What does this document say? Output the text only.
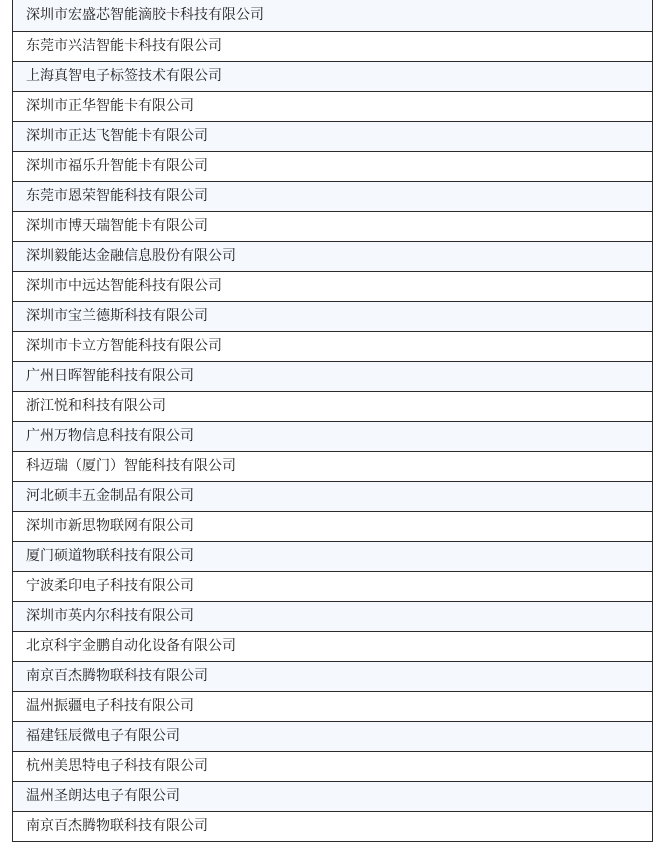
深圳市宏盛芯智能滴胶卡科技有限公司
东莞市兴洁智能卡科技有限公司
上海真智电子标签技术有限公司
深圳市正华智能卡有限公司
深圳市正达飞智能卡有限公司
深圳市福乐升智能卡有限公司
东莞市恩荣智能科技有限公司
深圳市博天瑞智能卡有限公司
深圳毅能达金融信息股份有限公司
深圳市中远达智能科技有限公司
深圳市宝兰德斯科技有限公司
深圳市卡立方智能科技有限公司
广州日晖智能科技有限公司
浙江悦和科技有限公司
广州万物信息科技有限公司
科迈瑞（厦门）智能科技有限公司
河北硕丰五金制品有限公司
深圳市新思物联网有限公司
厦门硕道物联科技有限公司
宁波柔印电子科技有限公司
深圳市英内尔科技有限公司
北京科宇金鹏自动化设备有限公司
南京百杰腾物联科技有限公司
温州振疆电子科技有限公司
福建钰辰微电子有限公司
杭州美思特电子科技有限公司
温州圣朗达电子有限公司
南京百杰腾物联科技有限公司
